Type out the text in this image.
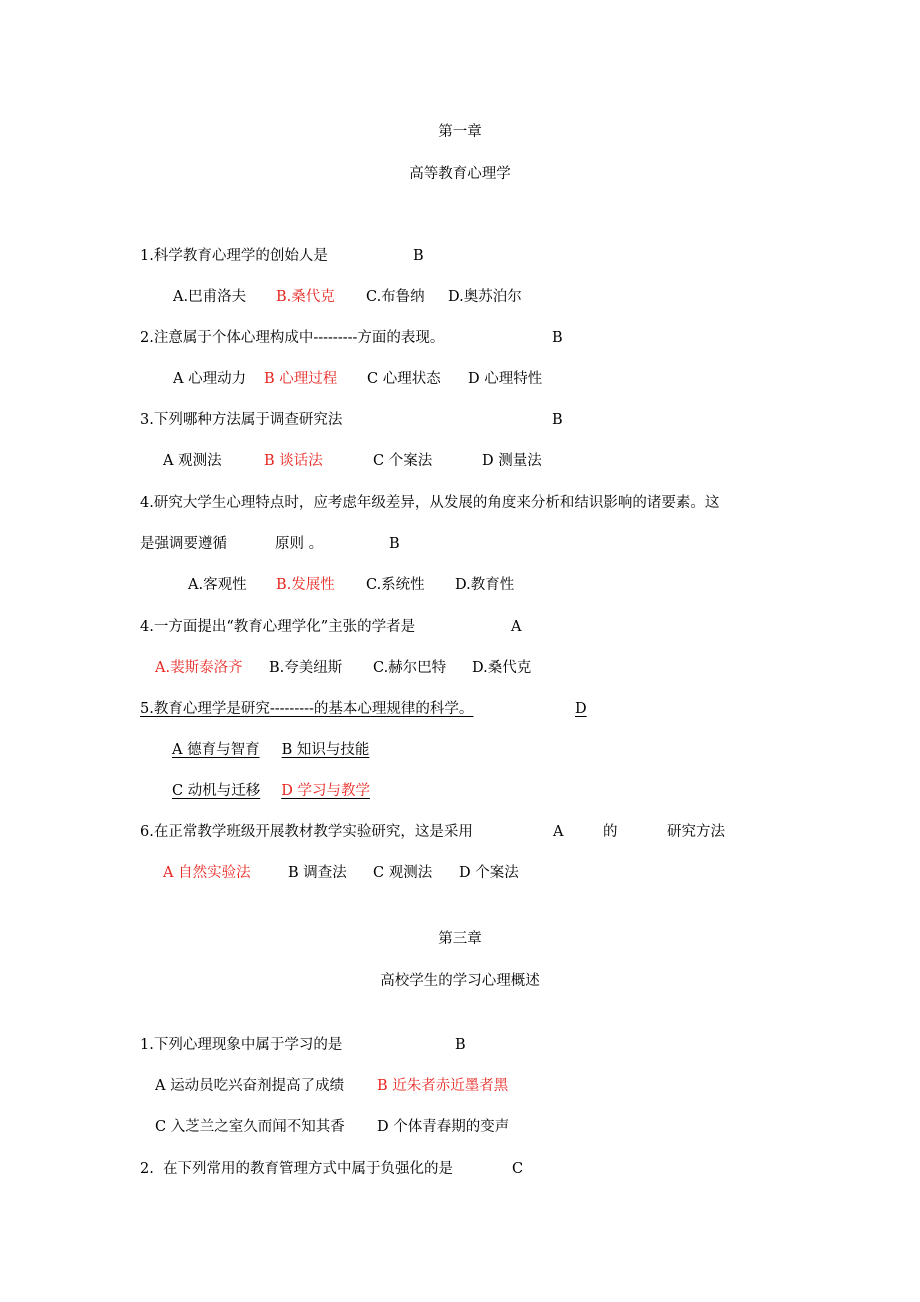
第一章
高等教育心理学
1.科学教育心理学的创始人是	B
A.巴甫洛夫 B.桑代克 C.布鲁纳 D.奥苏泊尔
2.注意属于个体心理构成中---------方面的表现。	B
A 心理动力 B 心理过程 C 心理状态 D 心理特性
3.下列哪种方法属于调查研究法	B
A 观测法	B 谈话法	C 个案法	D 测量法
4.研究大学生心理特点时，应考虑年级差异，从发展的角度来分析和结识影响的诸要素。这
是强调要遵循	原则 。	B
A.客观性 B.发展性 C.系统性 D.教育性
4.一方面提出“教育心理学化”主张的学者是	A
A.裴斯泰洛齐 B.夸美纽斯 C.赫尔巴特 D.桑代克
5.教育心理学是研究---------的基本心理规律的科学。	D
A 德育与智育 B 知识与技能
C 动机与迁移 D 学习与教学
6.在正常教学班级开展教材教学实验研究，这是采用	A	的	研究方法
A 自然实验法	B 调查法 C 观测法 D 个案法
第三章
高校学生的学习心理概述
1.下列心理现象中属于学习的是	B
A 运动员吃兴奋剂提高了成绩 B 近朱者赤近墨者黑
C 入芝兰之室久而闻不知其香 D 个体青春期的变声
2.  在下列常用的教育管理方式中属于负强化的是	C
